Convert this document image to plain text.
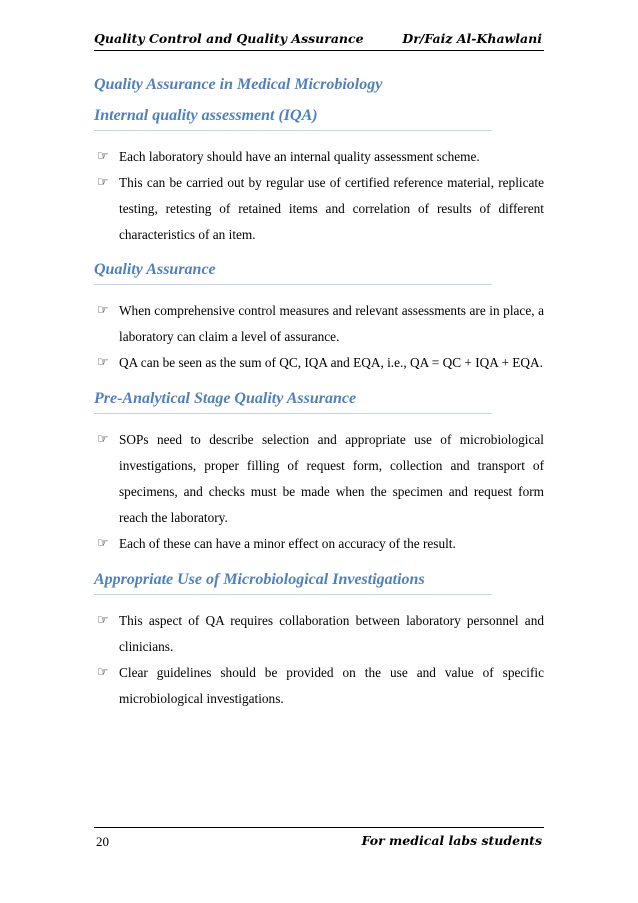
Quality Control and Quality Assurance	Dr/Faiz Al-Khawlani
Quality Assurance in Medical Microbiology
Internal quality assessment (IQA)
☞ Each laboratory should have an internal quality assessment scheme.
☞ This can be carried out by regular use of certified reference material, replicate testing, retesting of retained items and correlation of results of different characteristics of an item.
Quality Assurance
☞ When comprehensive control measures and relevant assessments are in place, a laboratory can claim a level of assurance.
☞ QA can be seen as the sum of QC, IQA and EQA, i.e., QA = QC + IQA + EQA.
Pre-Analytical Stage Quality Assurance
☞ SOPs need to describe selection and appropriate use of microbiological investigations, proper filling of request form, collection and transport of specimens, and checks must be made when the specimen and request form reach the laboratory.
☞ Each of these can have a minor effect on accuracy of the result.
Appropriate Use of Microbiological Investigations
☞ This aspect of QA requires collaboration between laboratory personnel and clinicians.
☞ Clear guidelines should be provided on the use and value of specific microbiological investigations.
20	For medical labs students
